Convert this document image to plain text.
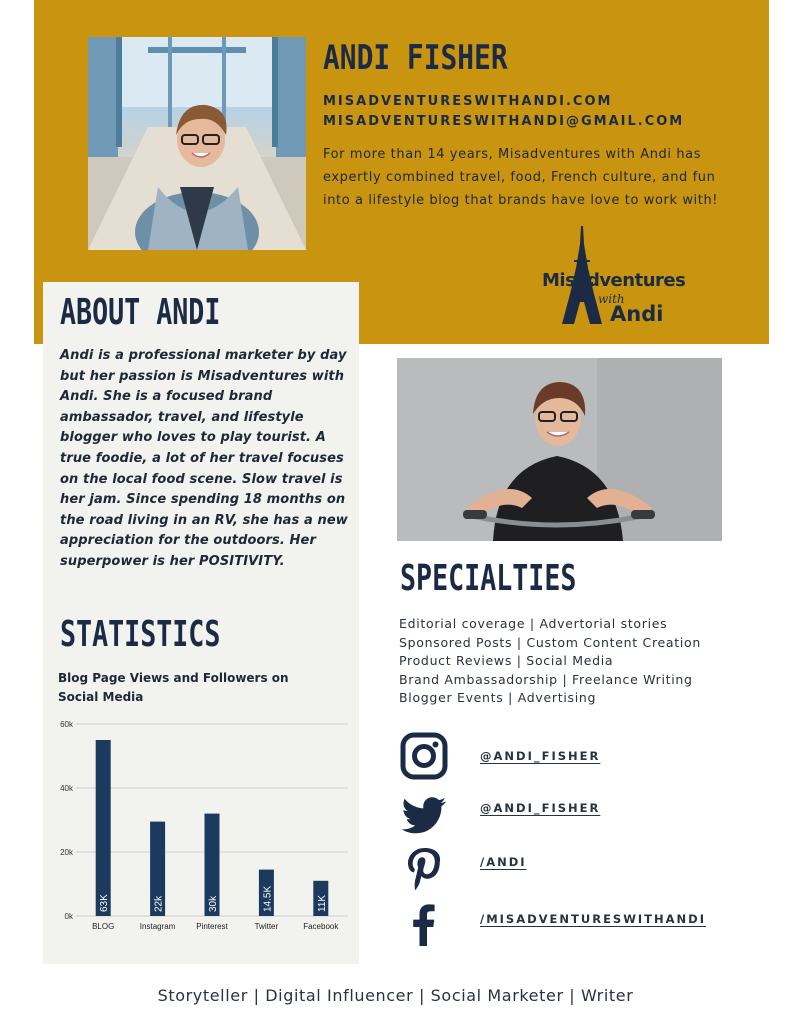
ANDI FISHER
MISADVENTURESWITHANDI.COM
MISADVENTURESWITHANDI@GMAIL.COM

For more than 14 years, Misadventures with Andi has expertly combined travel, food, French culture, and fun into a lifestyle blog that brands have love to work with!

Misadventures
with
Andi
ABOUT ANDI

Andi is a professional marketer by day but her passion is Misadventures with Andi. She is a focused brand ambassador, travel, and lifestyle blogger who loves to play tourist. A true foodie, a lot of her travel focuses on the local food scene. Slow travel is her jam. Since spending 18 months on the road living in an RV, she has a new appreciation for the outdoors. Her superpower is her POSITIVITY.	SPECIALTIES
Editorial coverage | Advertorial stories
Sponsored Posts | Custom Content Creation
Product Reviews | Social Media
Brand Ambassadorship | Freelance Writing
Blogger Events | Advertising
STATISTICS

Blog Page Views and Followers on Social Media

0k
20k
40k
60k
63K
BLOG
22k
Instagram
30k
Pinterest
14.5K
Twitter
11K
Facebook
@ANDI_FISHER
@ANDI_FISHER
/ANDI
/MISADVENTURESWITHANDI
Storyteller | Digital Influencer | Social Marketer | Writer
